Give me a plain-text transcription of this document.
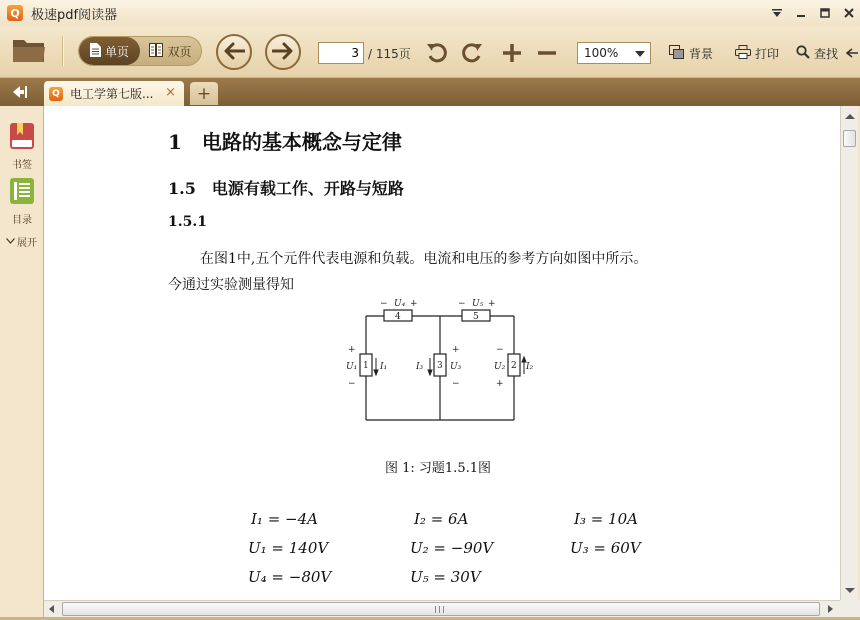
Q 极速pdf阅读器
单页	双页
3	/ 115页	100%	背景	打印	查找
Q 电工学第七版... ×	+
书签
目录
展开
1　电路的基本概念与定律
1.5　电源有载工作、开路与短路
1.5.1
在图1中,五个元件代表电源和负载。电流和电压的参考方向如图中所示。
今通过实验测量得知
4	5
1	3	2
− U₄ +	− U₅ +
+
U₁
−
I₁	I₃
+
U₃
−
−
U₂
+
I₂
图 1: 习题1.5.1图
I₁ = −4A	I₂ = 6A	I₃ = 10A
U₁ = 140V	U₂ = −90V	U₃ = 60V
U₄ = −80V	U₅ = 30V
